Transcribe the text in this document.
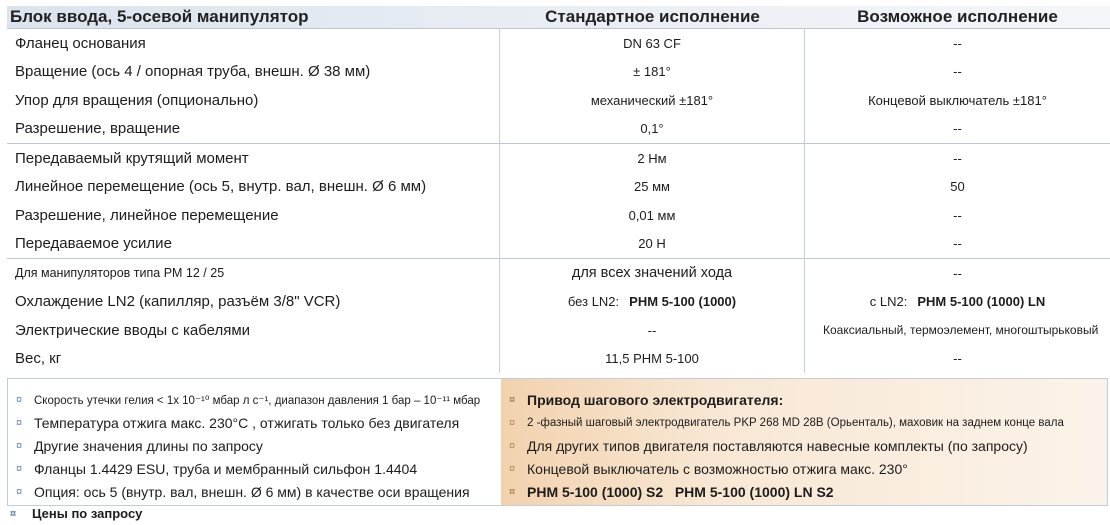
Блок ввода, 5-осевой манипулятор	Стандартное исполнение	Возможное исполнение
Фланец основания	DN 63 CF	--
Вращение (ось 4 / опорная труба, внешн. Ø 38 мм)	± 181°	--
Упор для вращения (опционально)	механический ±181°	Концевой выключатель ±181°
Разрешение, вращение	0,1°	--
Передаваемый крутящий момент	2 Нм	--
Линейное перемещение (ось 5, внутр. вал, внешн. Ø 6 мм)	25 мм	50
Разрешение, линейное перемещение	0,01 мм	--
Передаваемое усилие	20 Н	--
Для манипуляторов типа PM 12 / 25	для всех значений хода	--
Охлаждение LN2 (капилляр, разъём 3/8" VCR)	без LN2: PHM 5-100 (1000)	с LN2: PHM 5-100 (1000) LN
Электрические вводы с кабелями	--	Коаксиальный, термоэлемент, многоштырьковый
Вес, кг	11,5 PHM 5-100	--
¤	Скорость утечки гелия < 1x 10⁻¹⁰ мбар л с⁻¹, диапазон давления 1 бар – 10⁻¹¹ мбар
¤ Температура отжига макс. 230°C , отжигать только без двигателя
¤ Другие значения длины по запросу
¤ Фланцы 1.4429 ESU, труба и мембранный сильфон 1.4404
¤ Опция: ось 5 (внутр. вал, внешн. Ø 6 мм) в качестве оси вращения
¤ Привод шагового электродвигателя:
¤	2 -фазный шаговый электродвигатель PKP 268 MD 28B (Орьенталь), маховик на заднем конце вала
¤ Для других типов двигателя поставляются навесные комплекты (по запросу)
¤ Концевой выключатель с возможностью отжига макс. 230°
¤ PHM 5-100 (1000) S2   PHM 5-100 (1000) LN S2
¤	Цены по запросу
